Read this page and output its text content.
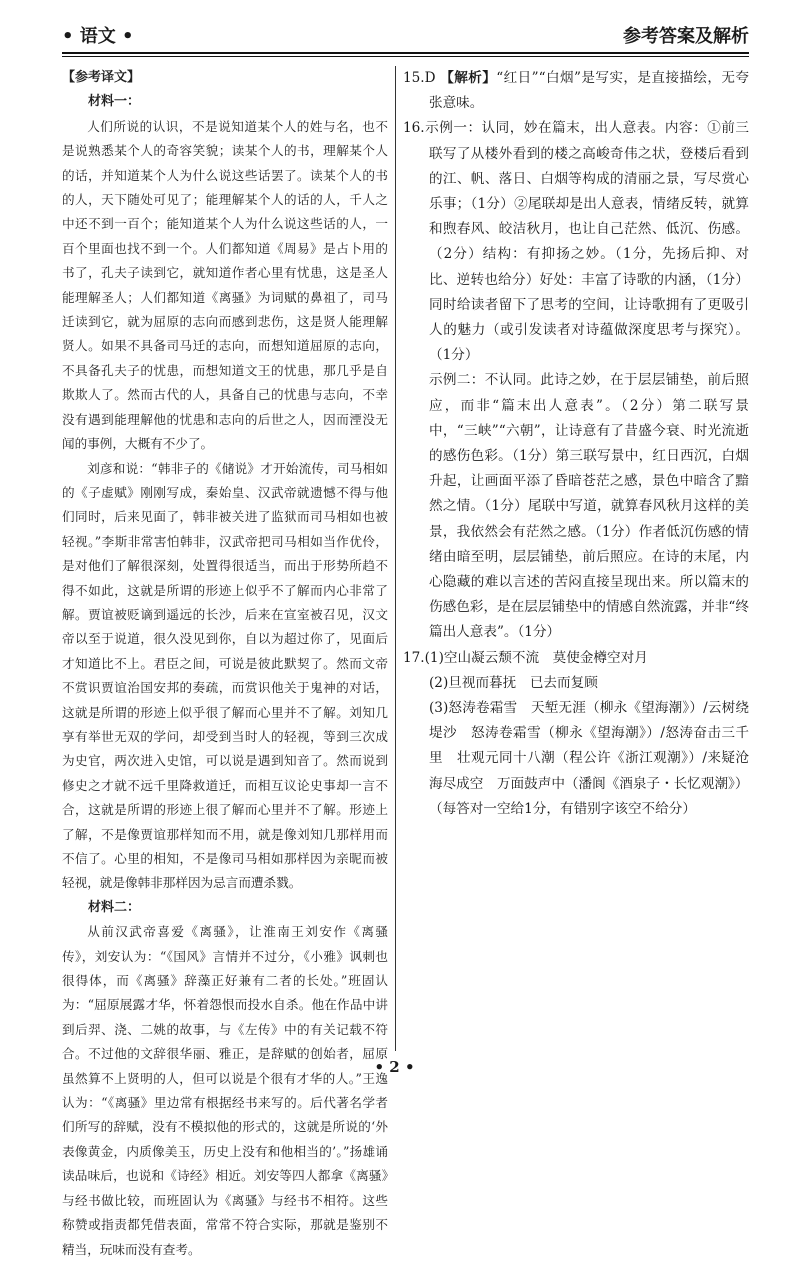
• 语文 •	参考答案及解析

【参考译文】

材料一：

人们所说的认识，不是说知道某个人的姓与名，也不是说熟悉某个人的奇容笑貌；读某个人的书，理解某个人的话，并知道某个人为什么说这些话罢了。读某个人的书的人，天下随处可见了；能理解某个人的话的人，千人之中还不到一百个；能知道某个人为什么说这些话的人，一百个里面也找不到一个。人们都知道《周易》是占卜用的书了，孔夫子读到它，就知道作者心里有忧患，这是圣人能理解圣人；人们都知道《离骚》为词赋的鼻祖了，司马迁读到它，就为屈原的志向而感到悲伤，这是贤人能理解贤人。如果不具备司马迁的志向，而想知道屈原的志向，不具备孔夫子的忧患，而想知道文王的忧患，那几乎是自欺欺人了。然而古代的人，具备自己的忧患与志向，不幸没有遇到能理解他的忧患和志向的后世之人，因而湮没无闻的事例，大概有不少了。

刘彦和说：“韩非子的《储说》才开始流传，司马相如的《子虚赋》刚刚写成，秦始皇、汉武帝就遗憾不得与他们同时，后来见面了，韩非被关进了监狱而司马相如也被轻视。”李斯非常害怕韩非，汉武帝把司马相如当作优伶，是对他们了解很深刻，处置得很适当，而出于形势所趋不得不如此，这就是所谓的形迹上似乎不了解而内心非常了解。贾谊被贬谪到遥远的长沙，后来在宣室被召见，汉文帝以至于说道，很久没见到你，自以为超过你了，见面后才知道比不上。君臣之间，可说是彼此默契了。然而文帝不赏识贾谊治国安邦的奏疏，而赏识他关于鬼神的对话，这就是所谓的形迹上似乎很了解而心里并不了解。刘知几享有举世无双的学问，却受到当时人的轻视，等到三次成为史官，两次进入史馆，可以说是遇到知音了。然而说到修史之才就不远千里降救道迁，而相互议论史事却一言不合，这就是所谓的形迹上很了解而心里并不了解。形迹上了解，不是像贾谊那样知而不用，就是像刘知几那样用而不信了。心里的相知，不是像司马相如那样因为亲昵而被轻视，就是像韩非那样因为忌言而遭杀戮。

材料二：

从前汉武帝喜爱《离骚》，让淮南王刘安作《离骚传》，刘安认为：“《国风》言情并不过分，《小雅》讽刺也很得体，而《离骚》辞藻正好兼有二者的长处。”班固认为：“屈原展露才华，怀着怨恨而投水自杀。他在作品中讲到后羿、浇、二姚的故事，与《左传》中的有关记载不符合。不过他的文辞很华丽、雅正，是辞赋的创始者，屈原虽然算不上贤明的人，但可以说是个很有才华的人。”王逸认为：“《离骚》里边常有根据经书来写的。后代著名学者们所写的辞赋，没有不模拟他的形式的，这就是所说的‘外表像黄金，内质像美玉，历史上没有和他相当的’。”扬雄诵读品味后，也说和《诗经》相近。刘安等四人都拿《离骚》与经书做比较，而班固认为《离骚》与经书不相符。这些称赞或指责都凭借表面，常常不符合实际，那就是鉴别不精当，玩味而没有查考。

15.D 【解析】“红日”“白烟”是写实，是直接描绘，无夸张意味。

16.示例一：认同，妙在篇末，出人意表。内容：①前三联写了从楼外看到的楼之高峻奇伟之状，登楼后看到的江、帆、落日、白烟等构成的清丽之景，写尽赏心乐事；（1分）②尾联却是出人意表，情绪反转，就算和煦春风、皎洁秋月，也让自己茫然、低沉、伤感。（2分）结构：有抑扬之妙。（1分，先扬后抑、对比、逆转也给分）好处：丰富了诗歌的内涵，（1分）同时给读者留下了思考的空间，让诗歌拥有了更吸引人的魅力（或引发读者对诗蕴做深度思考与探究）。（1分）

示例二：不认同。此诗之妙，在于层层铺垫，前后照应，而非“篇末出人意表”。（2分）第二联写景中，“三峡”“六朝”，让诗意有了昔盛今衰、时光流逝的感伤色彩。（1分）第三联写景中，红日西沉，白烟升起，让画面平添了昏暗苍茫之感，景色中暗含了黯然之情。（1分）尾联中写道，就算春风秋月这样的美景，我依然会有茫然之感。（1分）作者低沉伤感的情绪由暗至明，层层铺垫，前后照应。在诗的末尾，内心隐藏的难以言述的苦闷直接呈现出来。所以篇末的伤感色彩，是在层层铺垫中的情感自然流露，并非“终篇出人意表”。（1分）

17.(1)空山凝云颓不流　莫使金樽空对月

(2)旦视而暮抚　已去而复顾

(3)怒涛卷霜雪　天堑无涯（柳永《望海潮》）/云树绕堤沙　怒涛卷霜雪（柳永《望海潮》）/怒涛奋击三千里　壮观元同十八潮（程公许《浙江观潮》）/来疑沧海尽成空　万面鼓声中（潘阆《酒泉子・长忆观潮》）

（每答对一空给1分，有错别字该空不给分）

• 2 •
